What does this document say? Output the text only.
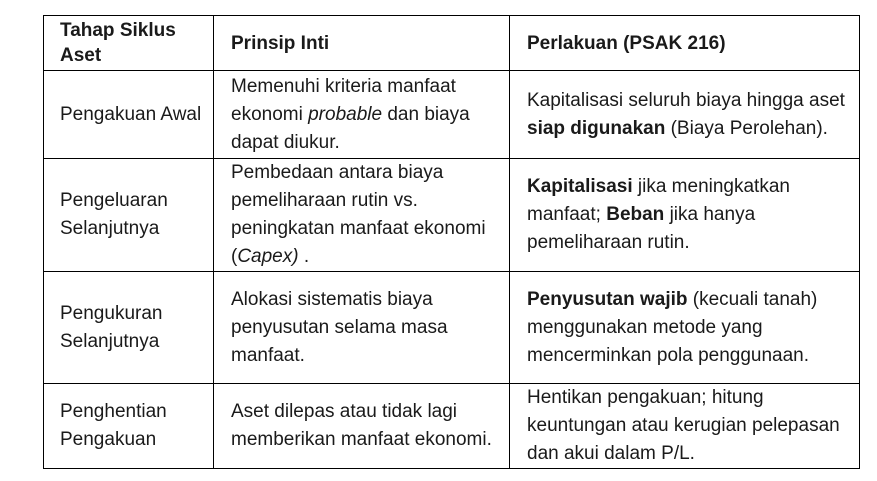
Tahap Siklus Aset	Prinsip Inti	Perlakuan (PSAK 216)

Pengakuan Awal	Memenuhi kriteria manfaat ekonomi probable dan biaya dapat diukur.	Kapitalisasi seluruh biaya hingga aset siap digunakan (Biaya Perolehan).

Pengeluaran Selanjutnya	Pembedaan antara biaya pemeliharaan rutin vs. peningkatan manfaat ekonomi (Capex) .	Kapitalisasi jika meningkatkan manfaat; Beban jika hanya pemeliharaan rutin.

Pengukuran Selanjutnya	Alokasi sistematis biaya penyusutan selama masa manfaat.	Penyusutan wajib (kecuali tanah) menggunakan metode yang mencerminkan pola penggunaan.

Penghentian Pengakuan	Aset dilepas atau tidak lagi memberikan manfaat ekonomi.	Hentikan pengakuan; hitung keuntungan atau kerugian pelepasan dan akui dalam P/L.
